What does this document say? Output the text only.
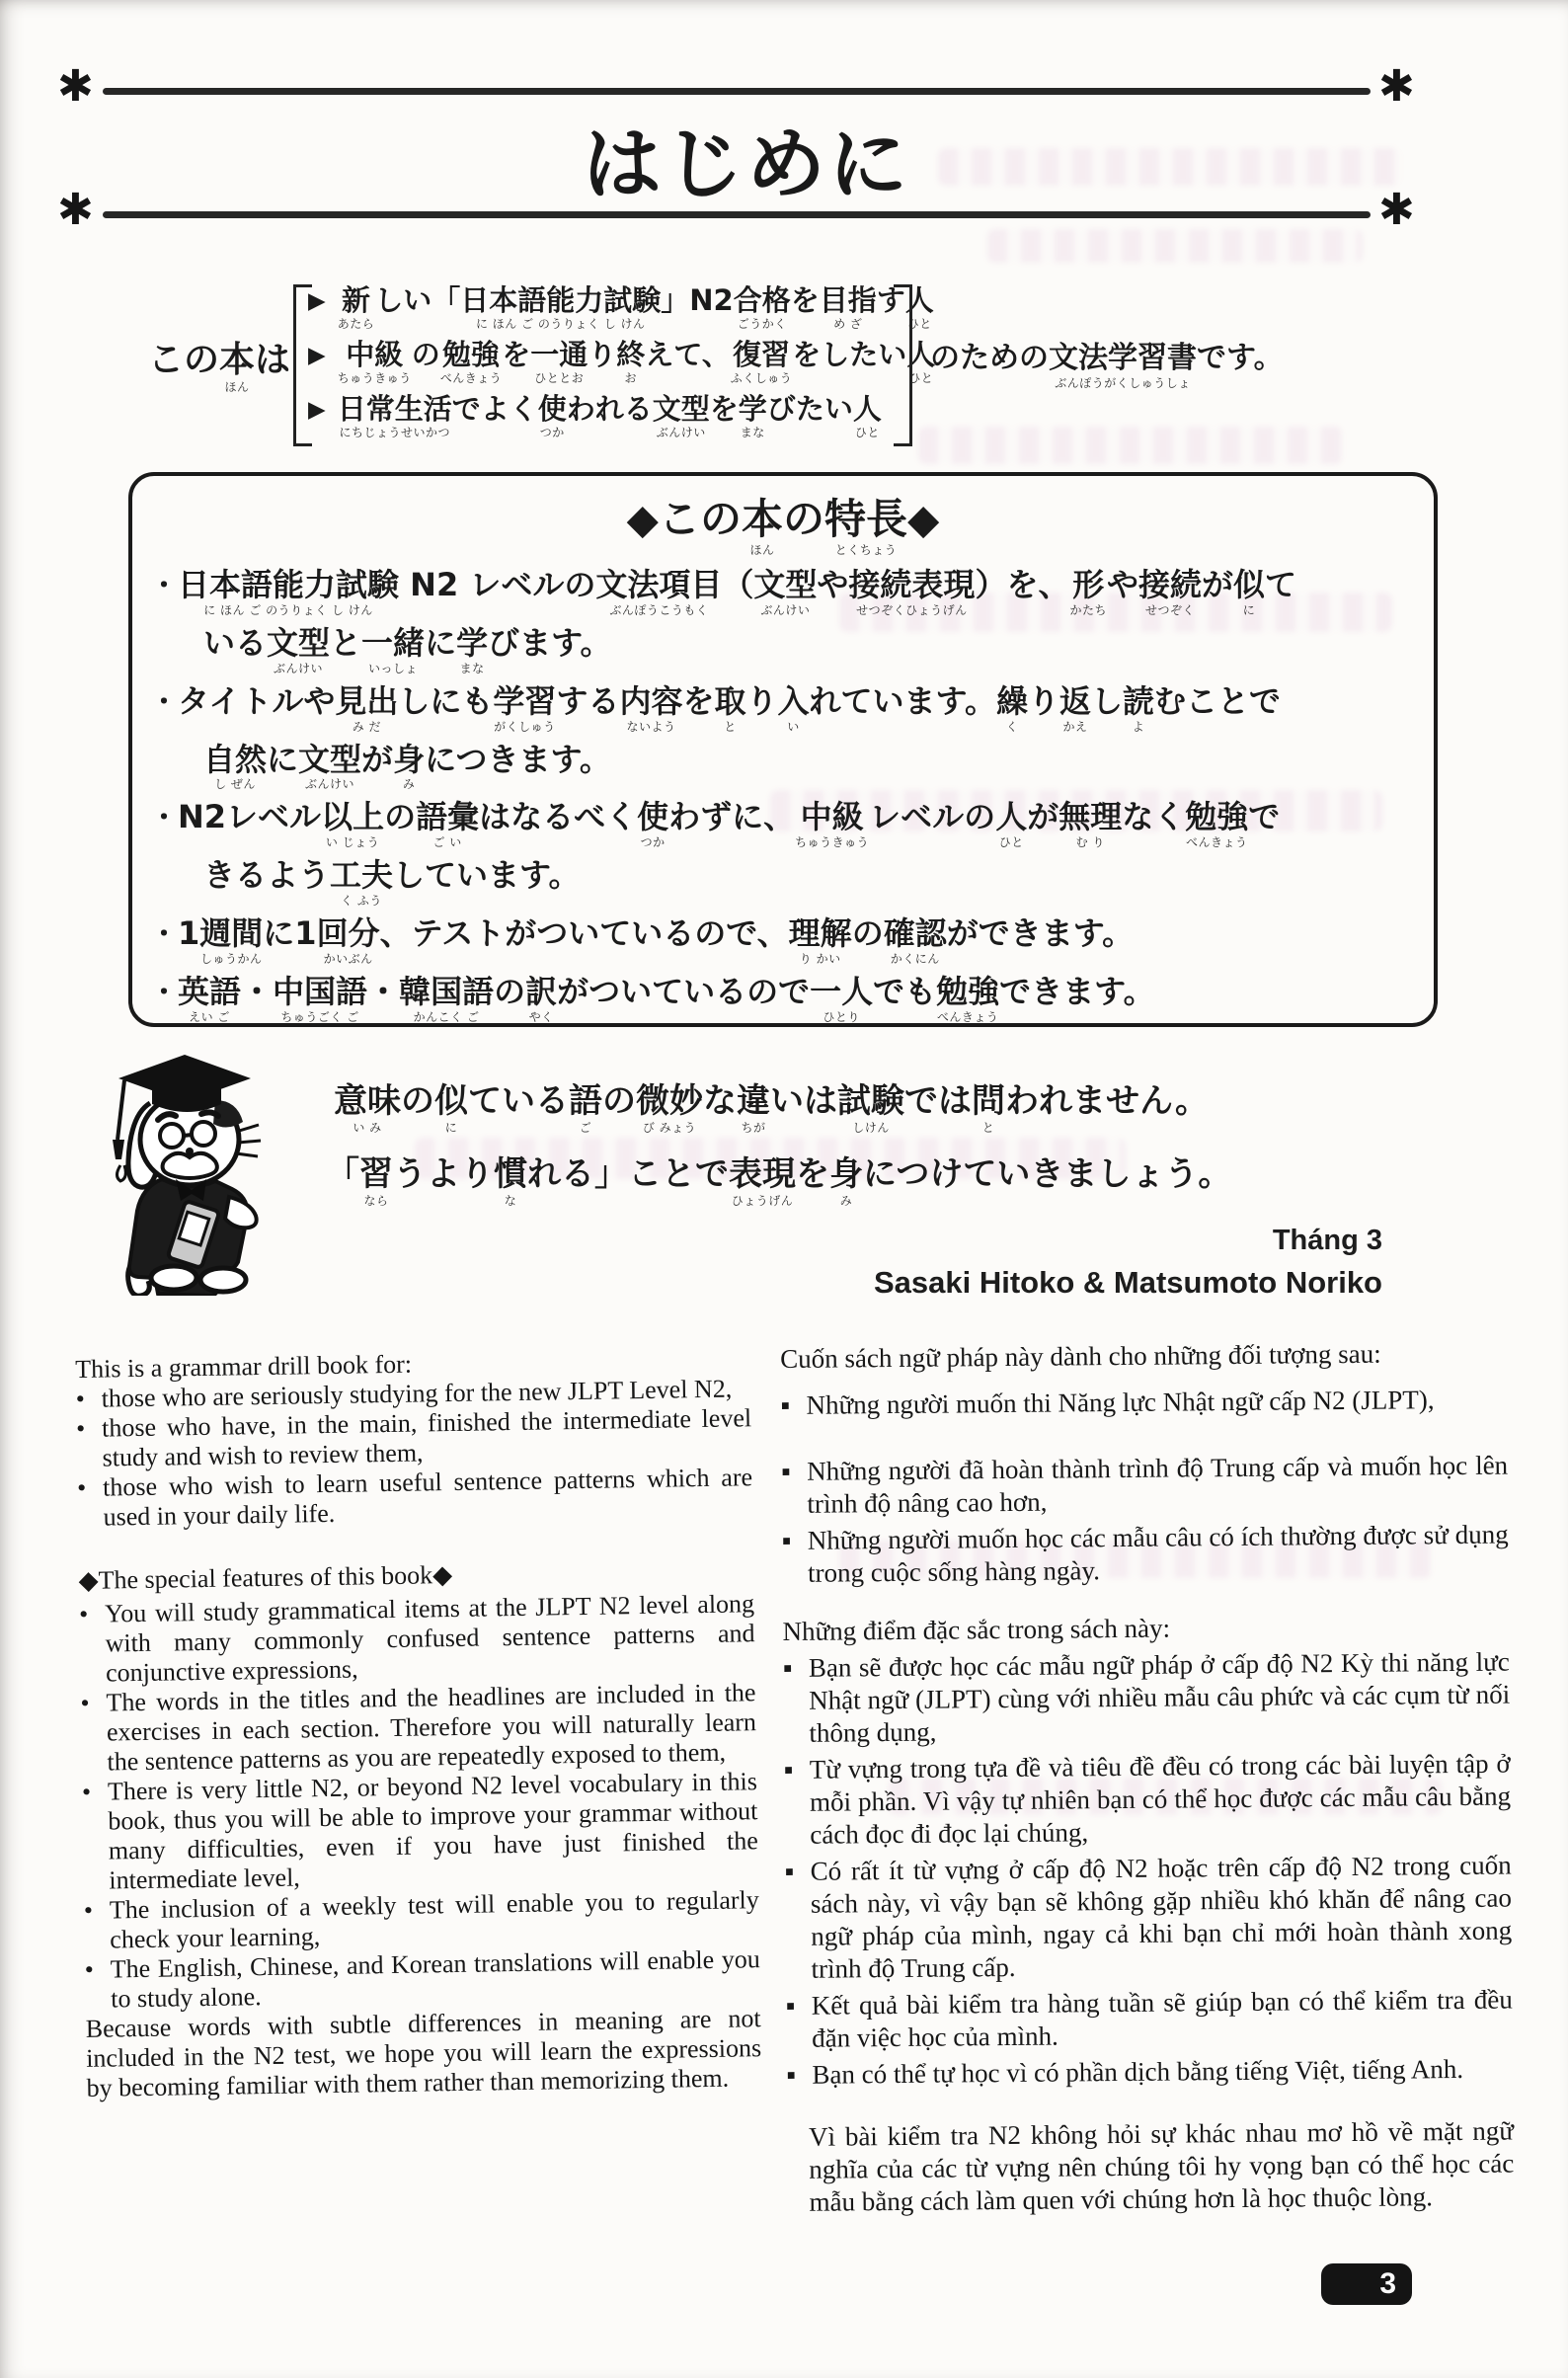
✱	✱
はじめに
✱	✱
この
本
ほん
は

▶ 新
あたら
しい「
日本語能力試験
に ほん ご のうりょく し けん
」N2
合格
ごうかく
を
目指
め ざ
す
人
ひと
▶ 中級
ちゅうきゅう
の
勉強
べんきょう
を
一通
ひととお
り
終
お
えて、
復習
ふくしゅう
をしたい
人
ひと
▶ 日常生活
にちじょうせいかつ
でよく
使
つか
われる
文型
ぶんけい
を
学
まな
びたい
人
ひと
のための
文法学習書
ぶんぽうがくしゅうしょ
です。

◆この
本
ほん
の
特長
とくちょう
◆

・ 日本語能力試験
に ほん ご のうりょく し けん
N2 レベルの
文法項目
ぶんぽうこうもく
（
文型
ぶんけい
や
接続表現
せつぞくひょうげん
）を、
形
かたち
や
接続
せつぞく
が
似
に
て

いる
文型
ぶんけい
と
一緒
いっしょ
に
学
まな
びます。

・ タイトルや
見出
み だ
しにも
学習
がくしゅう
する
内容
ないよう
を
取
と
り
入
い
れています。
繰
く
り
返
かえ
し
読
よ
むことで

自然
し ぜん
に
文型
ぶんけい
が
身
み
につきます。

・ N2レベル
以上
い じょう
の
語彙
ご い
はなるべく
使
つか
わずに、
中級
ちゅうきゅう
レベルの
人
ひと
が
無理
む り
なく
勉強
べんきょう
で

きるよう
工夫
く ふう
しています。

・ 1
週間
しゅうかん
に1
回分
かいぶん
、テストがついているので、
理解
り かい
の
確認
かくにん
ができます。

・ 英語
えい ご
・
中国語
ちゅうごく ご
・
韓国語
かんこく ご
の
訳
やく
がついているので
一人
ひとり
でも
勉強
べんきょう
できます。

意味
い み
の
似
に
ている
語
ご
の
微妙
び みょう
な
違
ちが
いは
試験
しけん
では
問
と
われません。

「
習
なら
うより
慣
な
れる」ことで
表現
ひょうげん
を
身
み
につけていきましょう。

Tháng 3
Sasaki Hitoko & Matsumoto Noriko
This is a grammar drill book for:
• those who are seriously studying for the new JLPT Level N2,
• those who have, in the main, finished the intermediate level study and wish to review them,
• those who wish to learn useful sentence patterns which are used in your daily life.
◆The special features of this book◆
• You will study grammatical items at the JLPT N2 level along with many commonly confused sentence patterns and conjunctive expressions,
• The words in the titles and the headlines are included in the exercises in each section. Therefore you will naturally learn the sentence patterns as you are repeatedly exposed to them,
• There is very little N2, or beyond N2 level vocabulary in this book, thus you will be able to improve your grammar without many difficulties, even if you have just finished the intermediate level,
• The inclusion of a weekly test will enable you to regularly check your learning,
• The English, Chinese, and Korean translations will enable you to study alone.
Because words with subtle differences in meaning are not included in the N2 test, we hope you will learn the expressions by becoming familiar with them rather than memorizing them.
Cuốn sách ngữ pháp này dành cho những đối tượng sau:
▪ Những người muốn thi Năng lực Nhật ngữ cấp N2 (JLPT),
▪ Những người đã hoàn thành trình độ Trung cấp và muốn học lên trình độ nâng cao hơn,
▪ Những người muốn học các mẫu câu có ích thường được sử dụng trong cuộc sống hàng ngày.
Những điểm đặc sắc trong sách này:
▪ Bạn sẽ được học các mẫu ngữ pháp ở cấp độ N2 Kỳ thi năng lực Nhật ngữ (JLPT) cùng với nhiều mẫu câu phức và các cụm từ nối thông dụng,
▪ Từ vựng trong tựa đề và tiêu đề đều có trong các bài luyện tập ở mỗi phần. Vì vậy tự nhiên bạn có thể học được các mẫu câu bằng cách đọc đi đọc lại chúng,
▪ Có rất ít từ vựng ở cấp độ N2 hoặc trên cấp độ N2 trong cuốn sách này, vì vậy bạn sẽ không gặp nhiều khó khăn để nâng cao ngữ pháp của mình, ngay cả khi bạn chỉ mới hoàn thành xong trình độ Trung cấp.
▪ Kết quả bài kiểm tra hàng tuần sẽ giúp bạn có thể kiểm tra đều đặn việc học của mình.
▪ Bạn có thể tự học vì có phần dịch bằng tiếng Việt, tiếng Anh.
Vì bài kiểm tra N2 không hỏi sự khác nhau mơ hồ về mặt ngữ nghĩa của các từ vựng nên chúng tôi hy vọng bạn có thể học các mẫu bằng cách làm quen với chúng hơn là học thuộc lòng.
3
